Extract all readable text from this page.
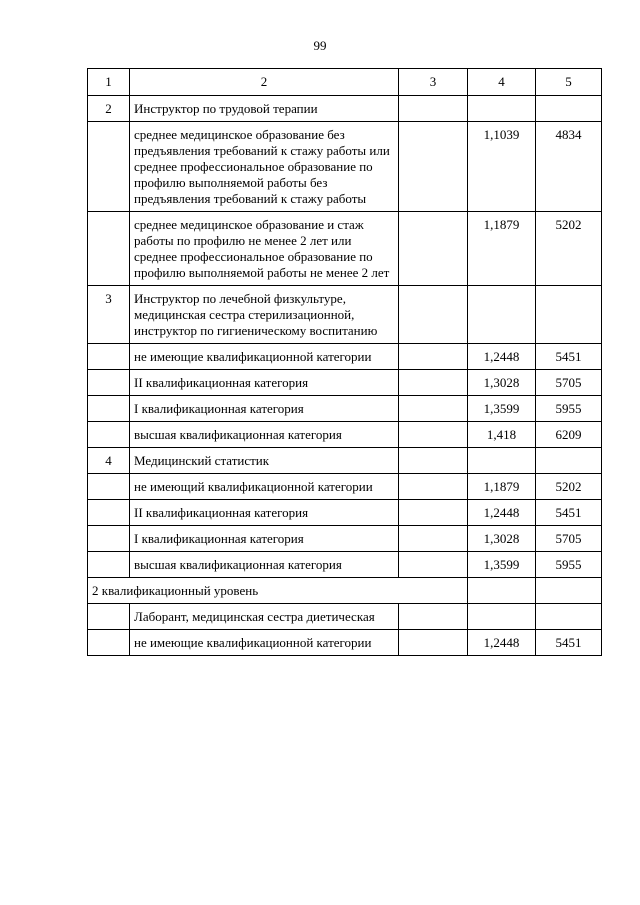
99
1	2	3	4	5
2	Инструктор по трудовой терапии			
	среднее медицинское образование без предъявления требований к стажу работы или среднее профессиональное образование по профилю выполняемой работы без предъявления требований к стажу работы		1,1039	4834
	среднее медицинское образование и стаж работы по профилю не менее 2 лет или среднее профессиональное образование по профилю выполняемой работы не менее 2 лет		1,1879	5202
3	Инструктор по лечебной физкультуре, медицинская сестра стерилизационной, инструктор по гигиеническому воспитанию			
	не имеющие квалификационной категории		1,2448	5451
	II квалификационная категория		1,3028	5705
	I квалификационная категория		1,3599	5955
	высшая квалификационная категория		1,418	6209
4	Медицинский статистик			
	не имеющий квалификационной категории		1,1879	5202
	II квалификационная категория		1,2448	5451
	I квалификационная категория		1,3028	5705
	высшая квалификационная категория		1,3599	5955
2 квалификационный уровень				
	Лаборант, медицинская сестра диетическая			
	не имеющие квалификационной категории		1,2448	5451
